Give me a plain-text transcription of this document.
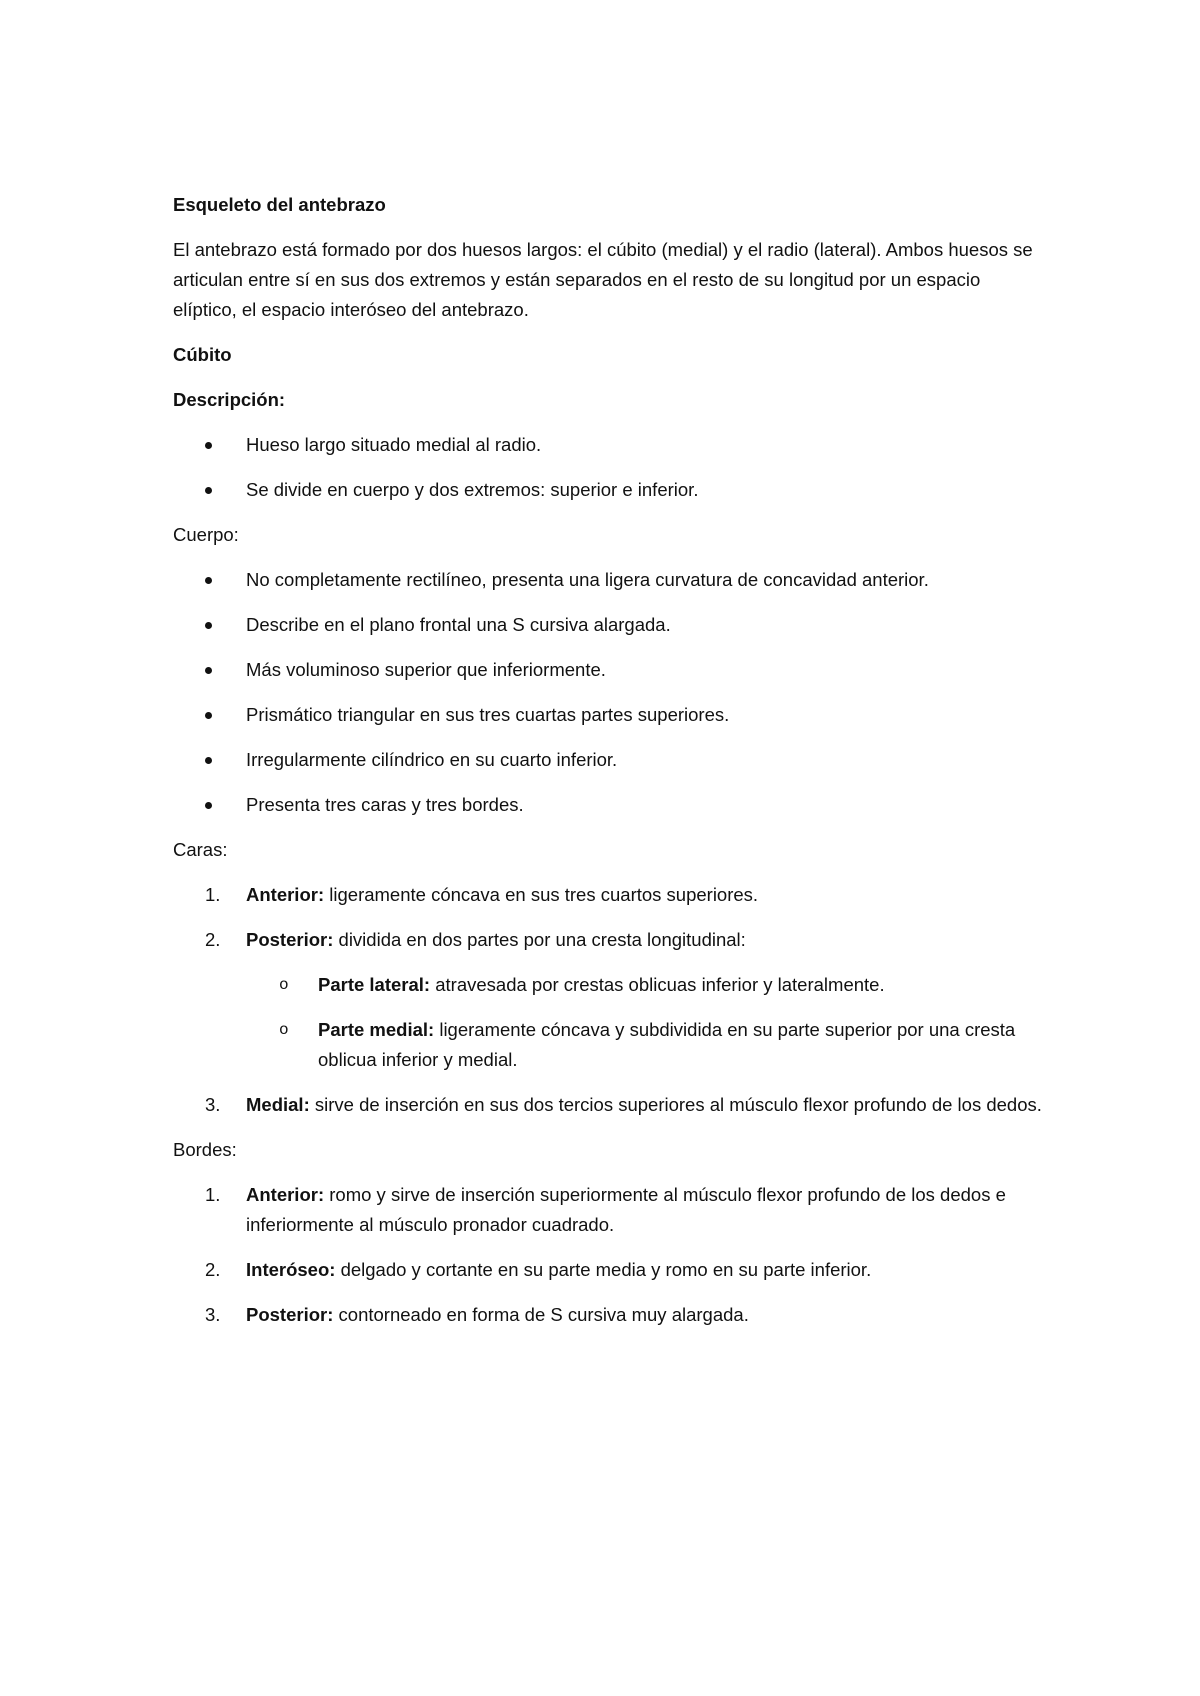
Esqueleto del antebrazo

El antebrazo está formado por dos huesos largos: el cúbito (medial) y el radio (lateral). Ambos huesos se articulan entre sí en sus dos extremos y están separados en el resto de su longitud por un espacio elíptico, el espacio interóseo del antebrazo.

Cúbito
Descripción:
Hueso largo situado medial al radio.
Se divide en cuerpo y dos extremos: superior e inferior.
Cuerpo:
No completamente rectilíneo, presenta una ligera curvatura de concavidad anterior.
Describe en el plano frontal una S cursiva alargada.
Más voluminoso superior que inferiormente.
Prismático triangular en sus tres cuartas partes superiores.
Irregularmente cilíndrico en su cuarto inferior.
Presenta tres caras y tres bordes.
Caras:
1. Anterior: ligeramente cóncava en sus tres cuartos superiores.
2. Posterior: dividida en dos partes por una cresta longitudinal:
o Parte lateral: atravesada por crestas oblicuas inferior y lateralmente.
o Parte medial: ligeramente cóncava y subdividida en su parte superior por una cresta oblicua inferior y medial.
3. Medial: sirve de inserción en sus dos tercios superiores al músculo flexor profundo de los dedos.
Bordes:
1. Anterior: romo y sirve de inserción superiormente al músculo flexor profundo de los dedos e inferiormente al músculo pronador cuadrado.
2. Interóseo: delgado y cortante en su parte media y romo en su parte inferior.
3. Posterior: contorneado en forma de S cursiva muy alargada.
